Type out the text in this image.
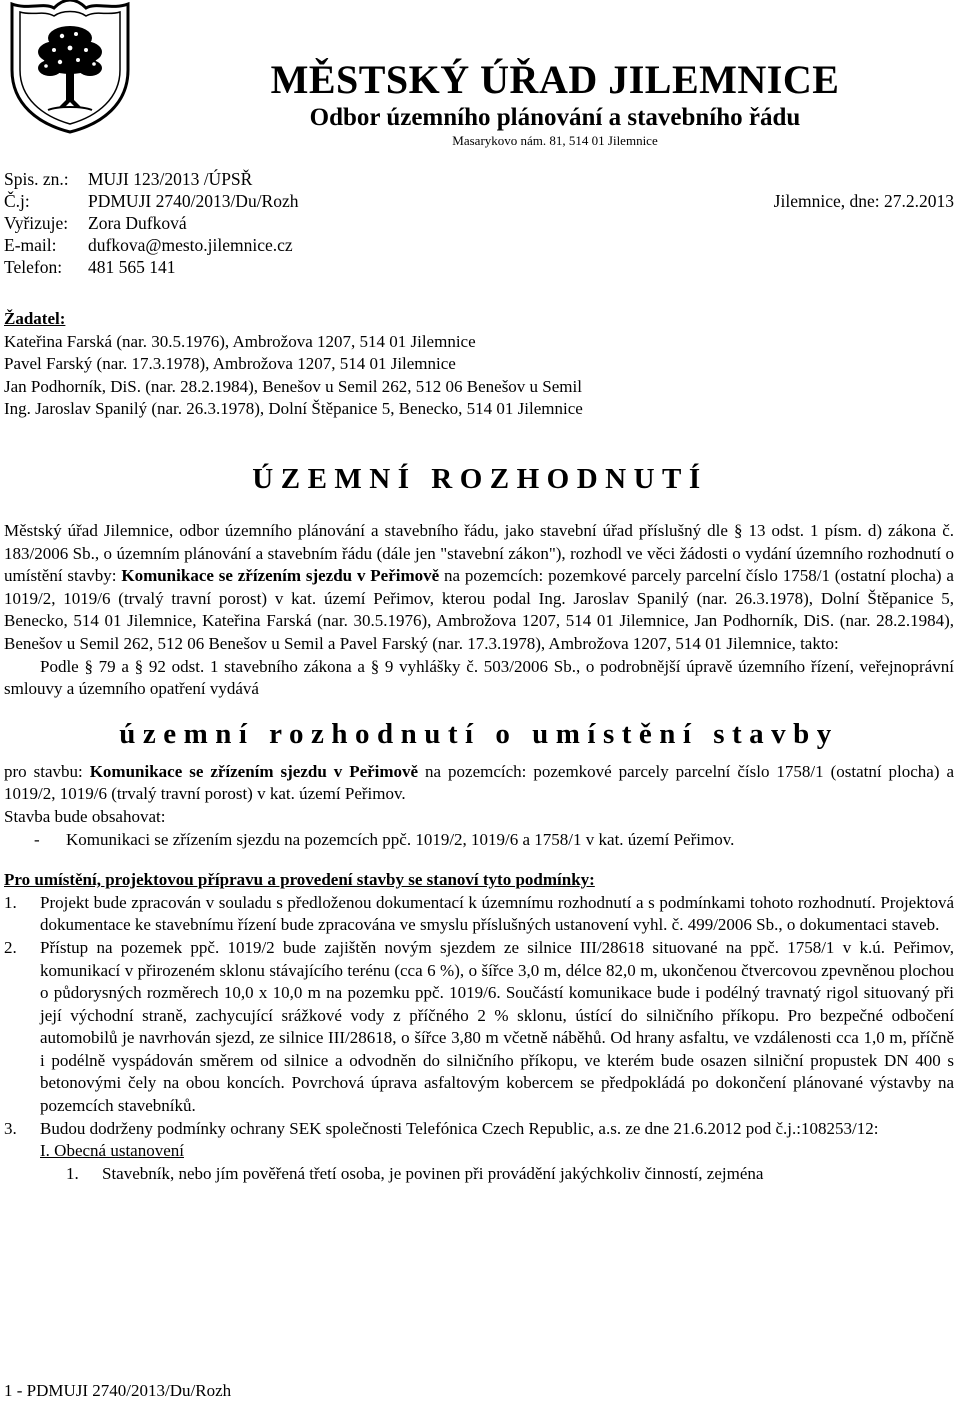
MĚSTSKÝ ÚŘAD JILEMNICE
Odbor územního plánování a stavebního řádu
Masarykovo nám. 81, 514 01 Jilemnice
Spis. zn.: MUJI 123/2013 /ÚPSŘ
Č.j:	PDMUJI 2740/2013/Du/Rozh	Jilemnice, dne: 27.2.2013
Vyřizuje: Zora Dufková
E-mail: dufkova@mesto.jilemnice.cz
Telefon: 481 565 141
Žadatel:
Kateřina Farská (nar. 30.5.1976), Ambrožova 1207, 514 01 Jilemnice
Pavel Farský (nar. 17.3.1978), Ambrožova 1207, 514 01 Jilemnice
Jan Podhorník, DiS. (nar. 28.2.1984), Benešov u Semil 262, 512 06 Benešov u Semil
Ing. Jaroslav Spanilý (nar. 26.3.1978), Dolní Štěpanice 5, Benecko, 514 01 Jilemnice
ÚZEMNÍ ROZHODNUTÍ

Městský úřad Jilemnice, odbor územního plánování a stavebního řádu, jako stavební úřad příslušný dle § 13 odst. 1 písm. d) zákona č. 183/2006 Sb., o územním plánování a stavebním řádu (dále jen "stavební zákon"), rozhodl ve věci žádosti o vydání územního rozhodnutí o umístění stavby: Komunikace se zřízením sjezdu v Peřimově na pozemcích: pozemkové parcely parcelní číslo 1758/1 (ostatní plocha) a 1019/2, 1019/6 (trvalý travní porost) v kat. území Peřimov, kterou podal Ing. Jaroslav Spanilý (nar. 26.3.1978), Dolní Štěpanice 5, Benecko, 514 01 Jilemnice, Kateřina Farská (nar. 30.5.1976), Ambrožova 1207, 514 01 Jilemnice, Jan Podhorník, DiS. (nar. 28.2.1984), Benešov u Semil 262, 512 06 Benešov u Semil a Pavel Farský (nar. 17.3.1978), Ambrožova 1207, 514 01 Jilemnice, takto:

Podle § 79 a § 92 odst. 1 stavebního zákona a § 9 vyhlášky č. 503/2006 Sb., o podrobnější úpravě územního řízení, veřejnoprávní smlouvy a územního opatření vydává

územní rozhodnutí o umístění stavby

pro stavbu: Komunikace se zřízením sjezdu v Peřimově na pozemcích: pozemkové parcely parcelní číslo 1758/1 (ostatní plocha) a 1019/2, 1019/6 (trvalý travní porost) v kat. území Peřimov.

Stavba bude obsahovat:
-	Komunikaci se zřízením sjezdu na pozemcích ppč. 1019/2, 1019/6 a 1758/1 v kat. území Peřimov.
Pro umístění, projektovou přípravu a provedení stavby se stanoví tyto podmínky:
1.	Projekt bude zpracován v souladu s předloženou dokumentací k územnímu rozhodnutí a s podmínkami tohoto rozhodnutí. Projektová dokumentace ke stavebnímu řízení bude zpracována ve smyslu příslušných ustanovení vyhl. č. 499/2006 Sb., o dokumentaci staveb.
2.	Přístup na pozemek ppč. 1019/2 bude zajištěn novým sjezdem ze silnice III/28618 situované na ppč. 1758/1 v k.ú. Peřimov, komunikací v přirozeném sklonu stávajícího terénu (cca 6 %), o šířce 3,0 m, délce 82,0 m, ukončenou čtvercovou zpevněnou plochou o půdorysných rozměrech 10,0 x 10,0 m na pozemku ppč. 1019/6. Součástí komunikace bude i podélný travnatý rigol situovaný při její východní straně, zachycující srážkové vody z příčného 2 % sklonu, ústící do silničního příkopu. Pro bezpečné odbočení automobilů je navrhován sjezd, ze silnice III/28618, o šířce 3,80 m včetně náběhů. Od hrany asfaltu, ve vzdálenosti cca 1,0 m, příčně i podélně vyspádován směrem od silnice a odvodněn do silničního příkopu, ve kterém bude osazen silniční propustek DN 400 s betonovými čely na obou koncích. Povrchová úprava asfaltovým kobercem se předpokládá po dokončení plánované výstavby na pozemcích stavebníků.
3.	Budou dodrženy podmínky ochrany SEK společnosti Telefónica Czech Republic, a.s. ze dne 21.6.2012 pod č.j.:108253/12:
I. Obecná ustanovení
1.	Stavebník, nebo jím pověřená třetí osoba, je povinen při provádění jakýchkoliv činností, zejména
1 - PDMUJI 2740/2013/Du/Rozh
